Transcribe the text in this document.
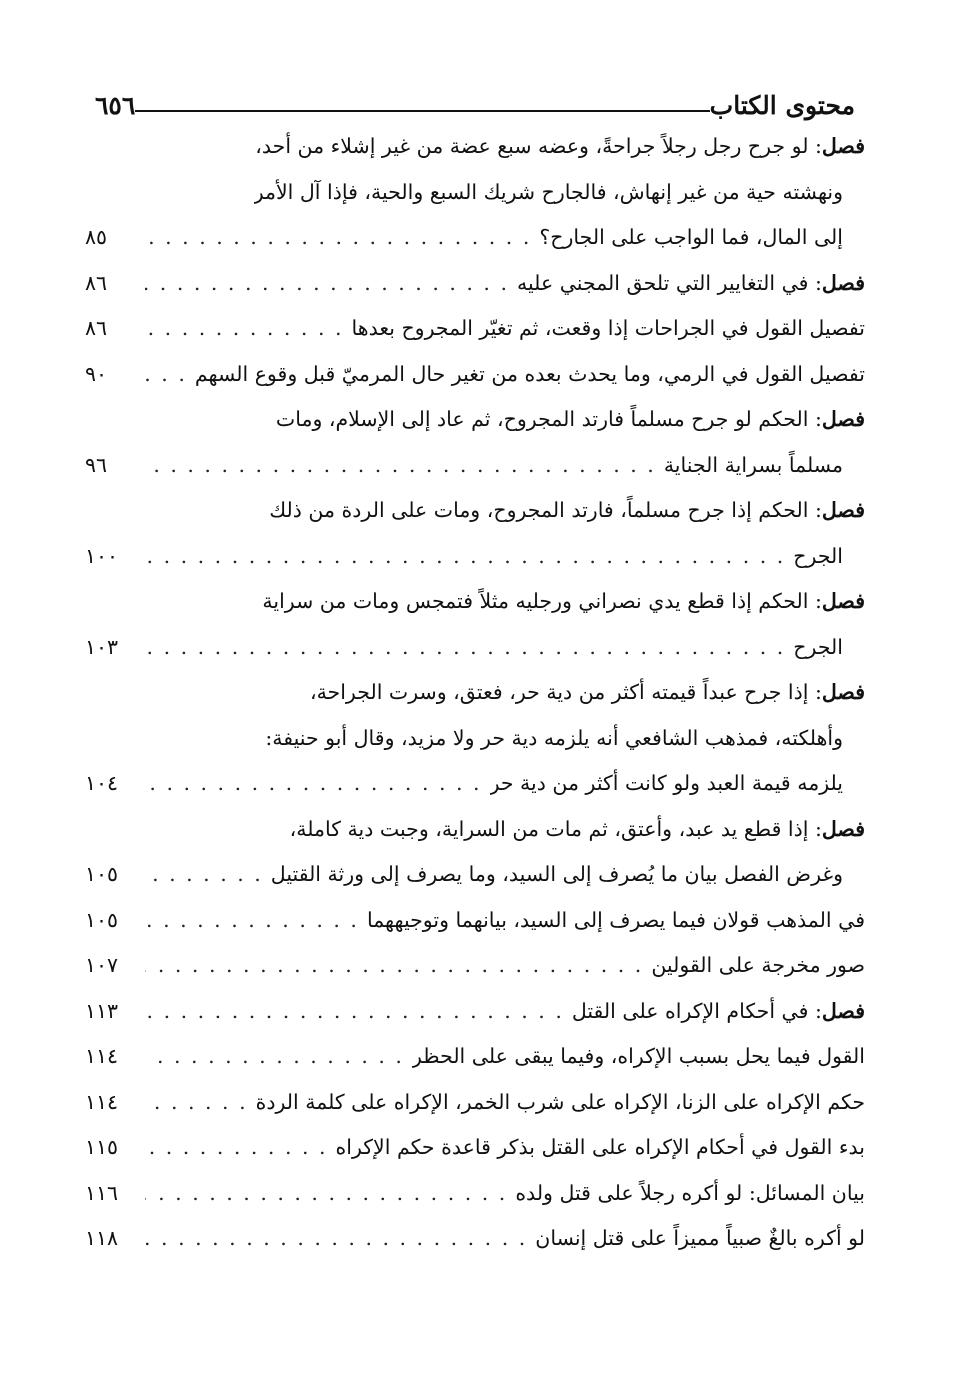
محتوى الكتاب
٦٥٦
فصل: لو جرح رجل رجلاً جراحةً، وعضه سبع عضة من غير إشلاء من أحد،
ونهشته حية من غير إنهاش، فالجارح شريك السبع والحية، فإذا آل الأمر
إلى المال، فما الواجب على الجارح؟
. . .
٨٥
فصل: في التغايير التي تلحق المجني عليه
. . .
٨٦
تفصيل القول في الجراحات إذا وقعت، ثم تغيّر المجروح بعدها
. . .
٨٦
تفصيل القول في الرمي، وما يحدث بعده من تغير حال المرميّ قبل وقوع السهم
. . .
٩٠
فصل: الحكم لو جرح مسلماً فارتد المجروح، ثم عاد إلى الإسلام، ومات
مسلماً بسراية الجناية
. . .
٩٦
فصل: الحكم إذا جرح مسلماً، فارتد المجروح، ومات على الردة من ذلك
الجرح
. . .
١٠٠
فصل: الحكم إذا قطع يدي نصراني ورجليه مثلاً فتمجس ومات من سراية
الجرح
. . .
١٠٣
فصل: إذا جرح عبداً قيمته أكثر من دية حر، فعتق، وسرت الجراحة،
وأهلكته، فمذهب الشافعي أنه يلزمه دية حر ولا مزيد، وقال أبو حنيفة:
يلزمه قيمة العبد ولو كانت أكثر من دية حر
. . .
١٠٤
فصل: إذا قطع يد عبد، وأعتق، ثم مات من السراية، وجبت دية كاملة،
وغرض الفصل بيان ما يُصرف إلى السيد، وما يصرف إلى ورثة القتيل
. . .
١٠٥
في المذهب قولان فيما يصرف إلى السيد، بيانهما وتوجيههما
. . .
١٠٥
صور مخرجة على القولين
. . .
١٠٧
فصل: في أحكام الإكراه على القتل
. . .
١١٣
القول فيما يحل بسبب الإكراه، وفيما يبقى على الحظر
. . .
١١٤
حكم الإكراه على الزنا، الإكراه على شرب الخمر، الإكراه على كلمة الردة
. . .
١١٤
بدء القول في أحكام الإكراه على القتل بذكر قاعدة حكم الإكراه
. . .
١١٥
بيان المسائل: لو أكره رجلاً على قتل ولده
. . .
١١٦
لو أكره بالغٌ صبياً مميزاً على قتل إنسان
. . .
١١٨
